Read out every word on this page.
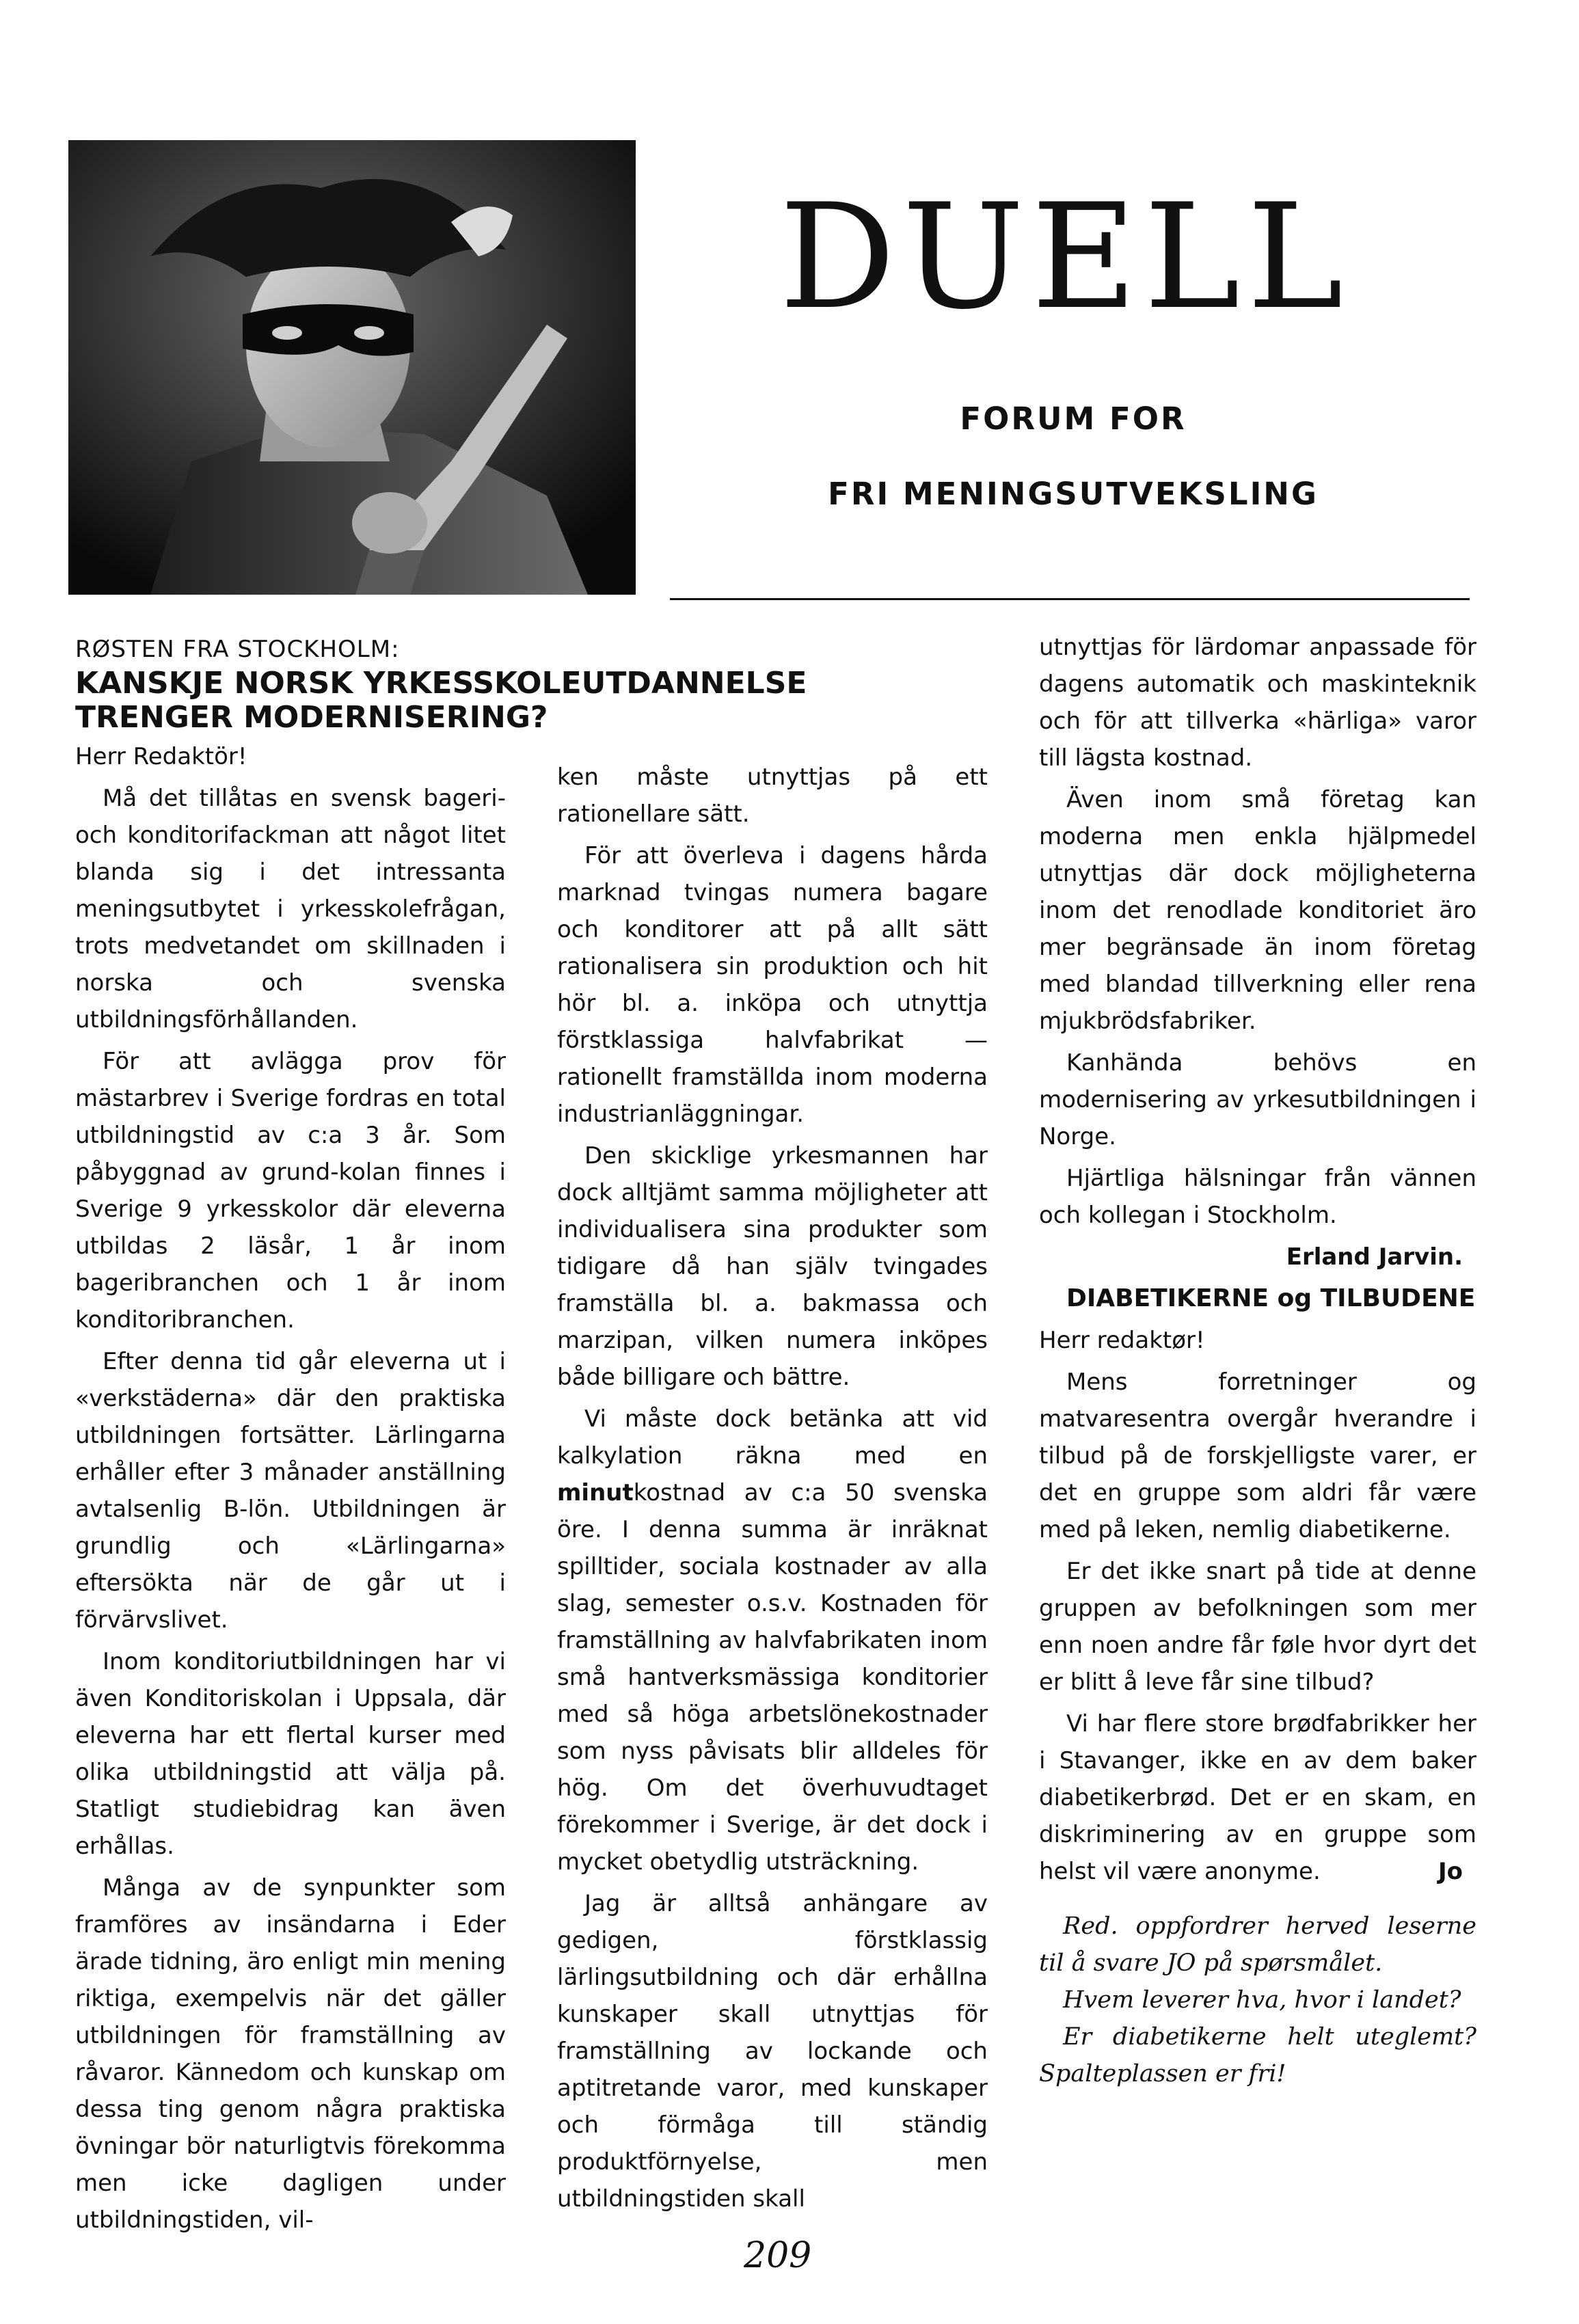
DUELL

FORUM FOR

FRI MENINGSUTVEKSLING

RØSTEN FRA STOCKHOLM:

KANSKJE NORSK YRKESSKOLEUTDANNELSE TRENGER MODERNISERING?

Herr Redaktör!

Må det tillåtas en svensk bageri- och konditorifackman att något litet blanda sig i det intressanta meningsutbytet i yrkesskolefrågan, trots medvetandet om skillnaden i norska och svenska utbildningsförhållanden.

För att avlägga prov för mästarbrev i Sverige fordras en total utbildningstid av c:a 3 år. Som påbyggnad av grund-kolan finnes i Sverige 9 yrkesskolor där eleverna utbildas 2 läsår, 1 år inom bageribranchen och 1 år inom konditoribranchen.

Efter denna tid går eleverna ut i «verkstäderna» där den praktiska utbildningen fortsätter. Lärlingarna erhåller efter 3 månader anställning avtalsenlig B-lön. Utbildningen är grundlig och «Lärlingarna» eftersökta när de går ut i förvärvslivet.

Inom konditoriutbildningen har vi även Konditoriskolan i Uppsala, där eleverna har ett flertal kurser med olika utbildningstid att välja på. Statligt studiebidrag kan även erhållas.

Många av de synpunkter som framföres av insändarna i Eder ärade tidning, äro enligt min mening riktiga, exempelvis när det gäller utbildningen för framställning av råvaror. Kännedom och kunskap om dessa ting genom några praktiska övningar bör naturligtvis förekomma men icke dagligen under utbildningstiden, vil-

ken måste utnyttjas på ett rationellare sätt.

För att överleva i dagens hårda marknad tvingas numera bagare och konditorer att på allt sätt rationalisera sin produktion och hit hör bl. a. inköpa och utnyttja förstklassiga halvfabrikat — rationellt framställda inom moderna industrianläggningar.

Den skicklige yrkesmannen har dock alltjämt samma möjligheter att individualisera sina produkter som tidigare då han själv tvingades framställa bl. a. bakmassa och marzipan, vilken numera inköpes både billigare och bättre.

Vi måste dock betänka att vid kalkylation räkna med en minutkostnad av c:a 50 svenska öre. I denna summa är inräknat spilltider, sociala kostnader av alla slag, semester o.s.v. Kostnaden för framställning av halvfabrikaten inom små hantverksmässiga konditorier med så höga arbetslönekostnader som nyss påvisats blir alldeles för hög. Om det överhuvudtaget förekommer i Sverige, är det dock i mycket obetydlig utsträckning.

Jag är alltså anhängare av gedigen, förstklassig lärlingsutbildning och där erhållna kunskaper skall utnyttjas för framställning av lockande och aptitretande varor, med kunskaper och förmåga till ständig produktförnyelse, men utbildningstiden skall

utnyttjas för lärdomar anpassade för dagens automatik och maskinteknik och för att tillverka «härliga» varor till lägsta kostnad.

Även inom små företag kan moderna men enkla hjälpmedel utnyttjas där dock möjligheterna inom det renodlade konditoriet äro mer begränsade än inom företag med blandad tillverkning eller rena mjukbrödsfabriker.

Kanhända behövs en modernisering av yrkesutbildningen i Norge.

Hjärtliga hälsningar från vännen och kollegan i Stockholm.

Erland Jarvin.

DIABETIKERNE og TILBUDENE

Herr redaktør!

Mens forretninger og matvaresentra overgår hverandre i tilbud på de forskjelligste varer, er det en gruppe som aldri får være med på leken, nemlig diabetikerne.

Er det ikke snart på tide at denne gruppen av befolkningen som mer enn noen andre får føle hvor dyrt det er blitt å leve får sine tilbud?

Vi har flere store brødfabrikker her i Stavanger, ikke en av dem baker diabetikerbrød. Det er en skam, en diskriminering av en gruppe som helst vil være anonyme.	Jo

Red. oppfordrer herved leserne til å svare JO på spørsmålet.

Hvem leverer hva, hvor i landet?

Er diabetikerne helt uteglemt? Spalteplassen er fri!

209
